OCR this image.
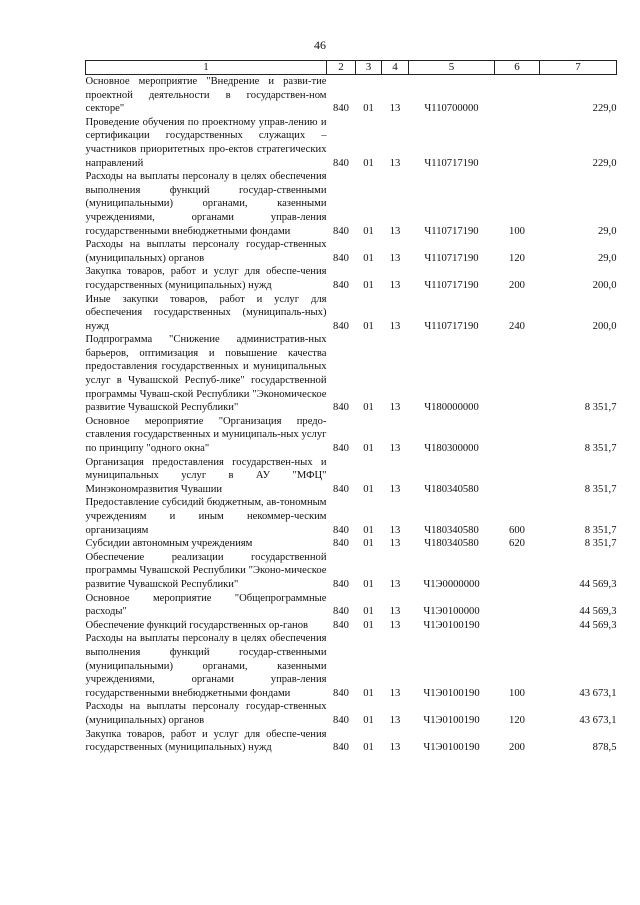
46
1	2	3	4	5	6	7
Основное мероприятие "Внедрение и разви-тие проектной деятельности в государствен-ном секторе"	840	01	13	Ч110700000		229,0
Проведение обучения по проектному управ-лению и сертификации государственных служащих – участников приоритетных про-ектов стратегических направлений	840	01	13	Ч110717190		229,0
Расходы на выплаты персоналу в целях обеспечения выполнения функций государ-ственными (муниципальными) органами, казенными учреждениями, органами управ-ления государственными внебюджетными фондами	840	01	13	Ч110717190	100	29,0
Расходы на выплаты персоналу государ-ственных (муниципальных) органов	840	01	13	Ч110717190	120	29,0
Закупка товаров, работ и услуг для обеспе-чения государственных (муниципальных) нужд	840	01	13	Ч110717190	200	200,0
Иные закупки товаров, работ и услуг для обеспечения государственных (муниципаль-ных) нужд	840	01	13	Ч110717190	240	200,0
Подпрограмма "Снижение административ-ных барьеров, оптимизация и повышение качества предоставления государственных и муниципальных услуг в Чувашской Респуб-лике" государственной программы Чуваш-ской Республики "Экономическое развитие Чувашской Республики"	840	01	13	Ч180000000		8 351,7
Основное мероприятие "Организация предо-ставления государственных и муниципаль-ных услуг по принципу "одного окна"	840	01	13	Ч180300000		8 351,7
Организация предоставления государствен-ных и муниципальных услуг в АУ "МФЦ" Минэкономразвития Чувашии	840	01	13	Ч180340580		8 351,7
Предоставление субсидий бюджетным, ав-тономным учреждениям и иным некоммер-ческим организациям	840	01	13	Ч180340580	600	8 351,7
Субсидии автономным учреждениям	840	01	13	Ч180340580	620	8 351,7
Обеспечение реализации государственной программы Чувашской Республики "Эконо-мическое развитие Чувашской Республики"	840	01	13	Ч1Э0000000		44 569,3
Основное мероприятие "Общепрограммные расходы"	840	01	13	Ч1Э0100000		44 569,3
Обеспечение функций государственных ор-ганов	840	01	13	Ч1Э0100190		44 569,3
Расходы на выплаты персоналу в целях обеспечения выполнения функций государ-ственными (муниципальными) органами, казенными учреждениями, органами управ-ления государственными внебюджетными фондами	840	01	13	Ч1Э0100190	100	43 673,1
Расходы на выплаты персоналу государ-ственных (муниципальных) органов	840	01	13	Ч1Э0100190	120	43 673,1
Закупка товаров, работ и услуг для обеспе-чения государственных (муниципальных) нужд	840	01	13	Ч1Э0100190	200	878,5
